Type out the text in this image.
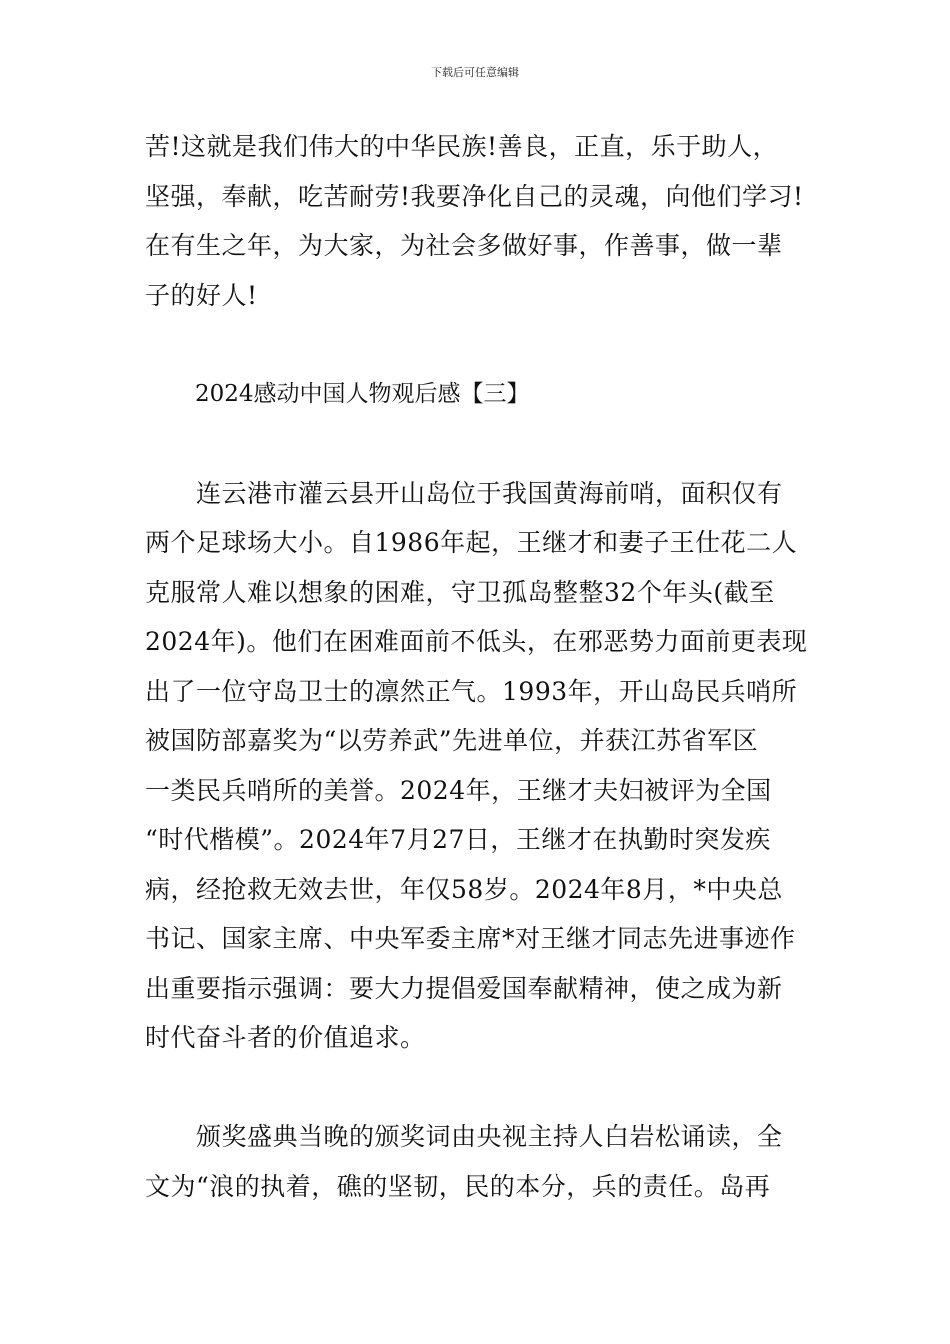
下载后可任意编辑

苦!这就是我们伟大的中华民族!善良，正直，乐于助人，
坚强，奉献，吃苦耐劳!我要净化自己的灵魂，向他们学习!
在有生之年，为大家，为社会多做好事，作善事，做一辈
子的好人!

2024感动中国人物观后感【三】

　　连云港市灌云县开山岛位于我国黄海前哨，面积仅有
两个足球场大小。自1986年起，王继才和妻子王仕花二人
克服常人难以想象的困难，守卫孤岛整整32个年头(截至
2024年)。他们在困难面前不低头，在邪恶势力面前更表现
出了一位守岛卫士的凛然正气。1993年，开山岛民兵哨所
被国防部嘉奖为“以劳养武”先进单位，并获江苏省军区
一类民兵哨所的美誉。2024年，王继才夫妇被评为全国
“时代楷模”。2024年7月27日，王继才在执勤时突发疾
病，经抢救无效去世，年仅58岁。2024年8月，*中央总
书记、国家主席、中央军委主席*对王继才同志先进事迹作
出重要指示强调：要大力提倡爱国奉献精神，使之成为新
时代奋斗者的价值追求。

　　颁奖盛典当晚的颁奖词由央视主持人白岩松诵读，全
文为“浪的执着，礁的坚韧，民的本分，兵的责任。岛再
